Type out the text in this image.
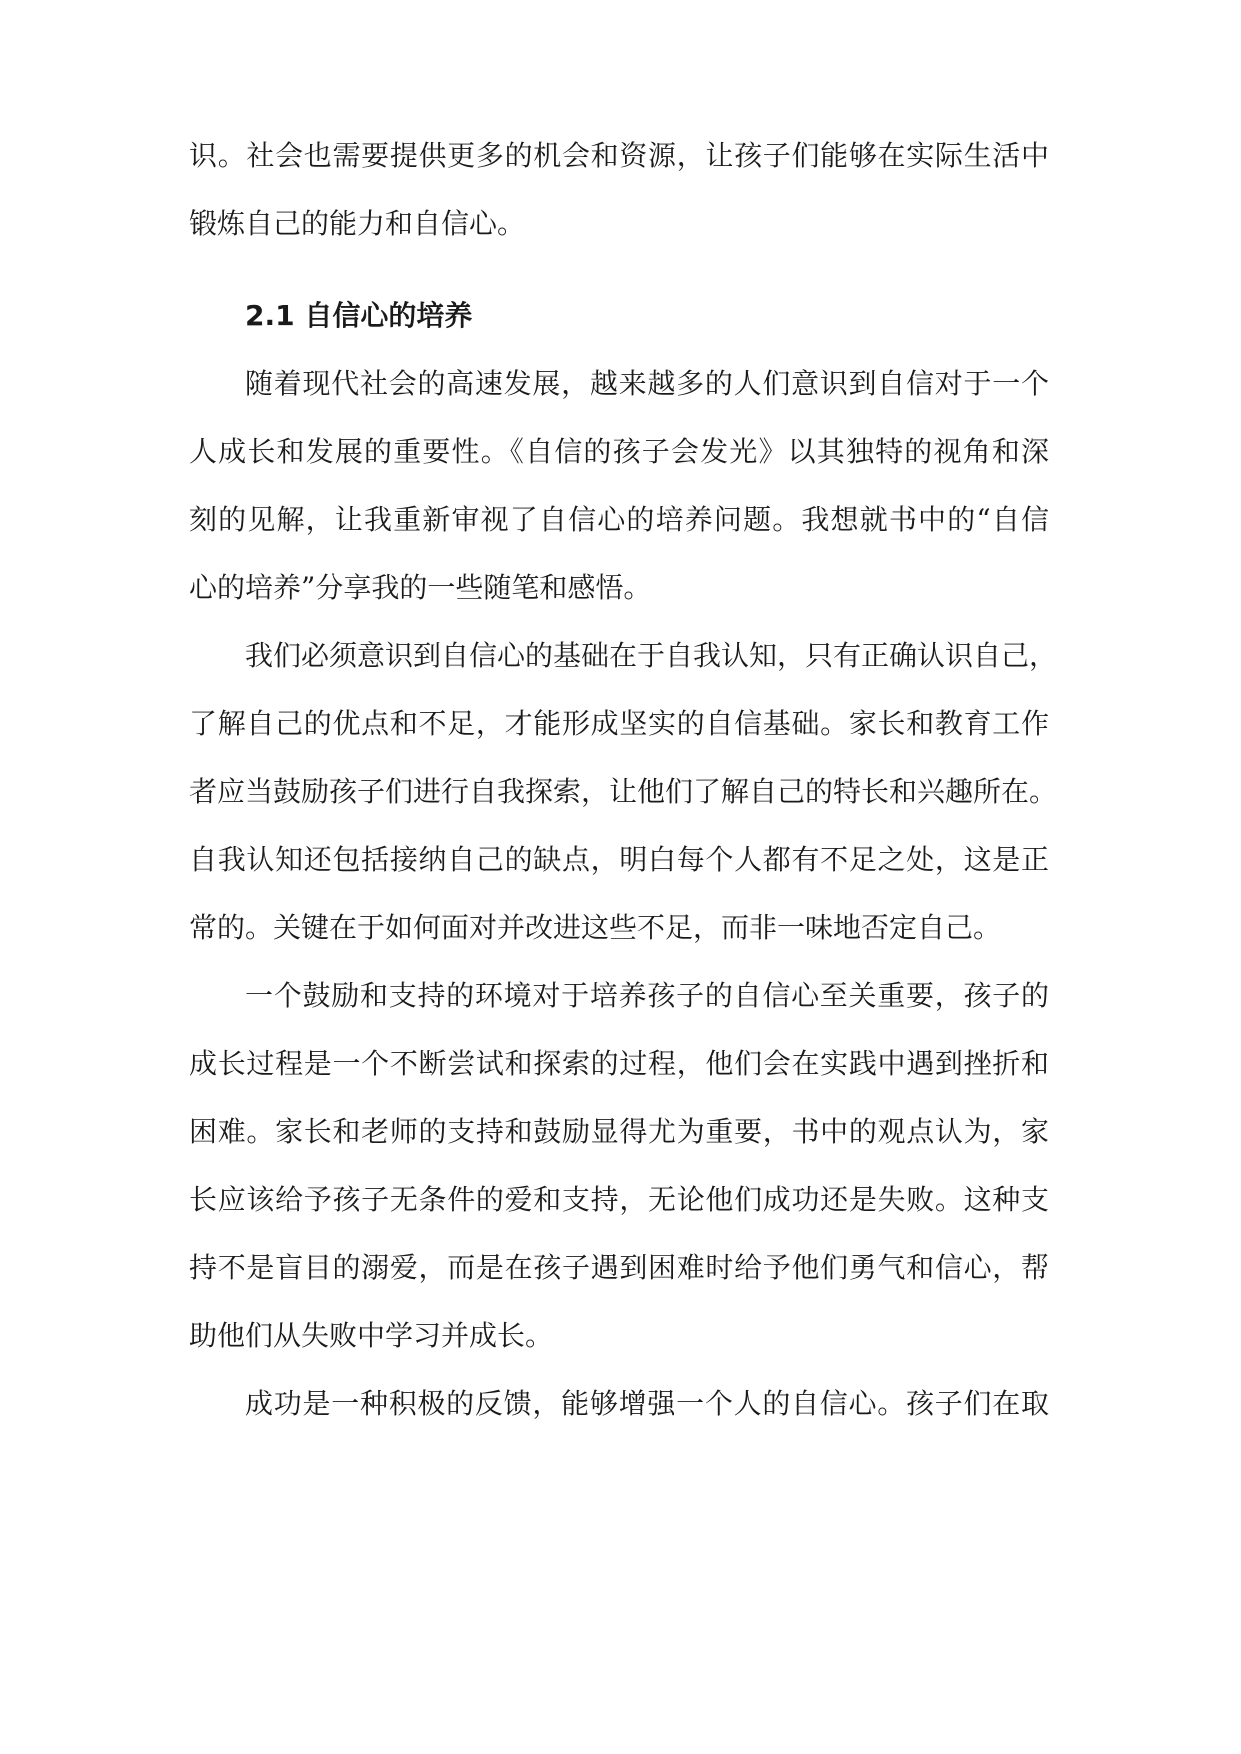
识。社会也需要提供更多的机会和资源，让孩子们能够在实际生活中
锻炼自己的能力和自信心。
2.1 自信心的培养
随着现代社会的高速发展，越来越多的人们意识到自信对于一个
人成长和发展的重要性。《自信的孩子会发光》以其独特的视角和深
刻的见解，让我重新审视了自信心的培养问题。我想就书中的“自信
心的培养”分享我的一些随笔和感悟。
我们必须意识到自信心的基础在于自我认知，只有正确认识自己，
了解自己的优点和不足，才能形成坚实的自信基础。家长和教育工作
者应当鼓励孩子们进行自我探索，让他们了解自己的特长和兴趣所在。
自我认知还包括接纳自己的缺点，明白每个人都有不足之处，这是正
常的。关键在于如何面对并改进这些不足，而非一味地否定自己。
一个鼓励和支持的环境对于培养孩子的自信心至关重要，孩子的
成长过程是一个不断尝试和探索的过程，他们会在实践中遇到挫折和
困难。家长和老师的支持和鼓励显得尤为重要，书中的观点认为，家
长应该给予孩子无条件的爱和支持，无论他们成功还是失败。这种支
持不是盲目的溺爱，而是在孩子遇到困难时给予他们勇气和信心，帮
助他们从失败中学习并成长。
成功是一种积极的反馈，能够增强一个人的自信心。孩子们在取
